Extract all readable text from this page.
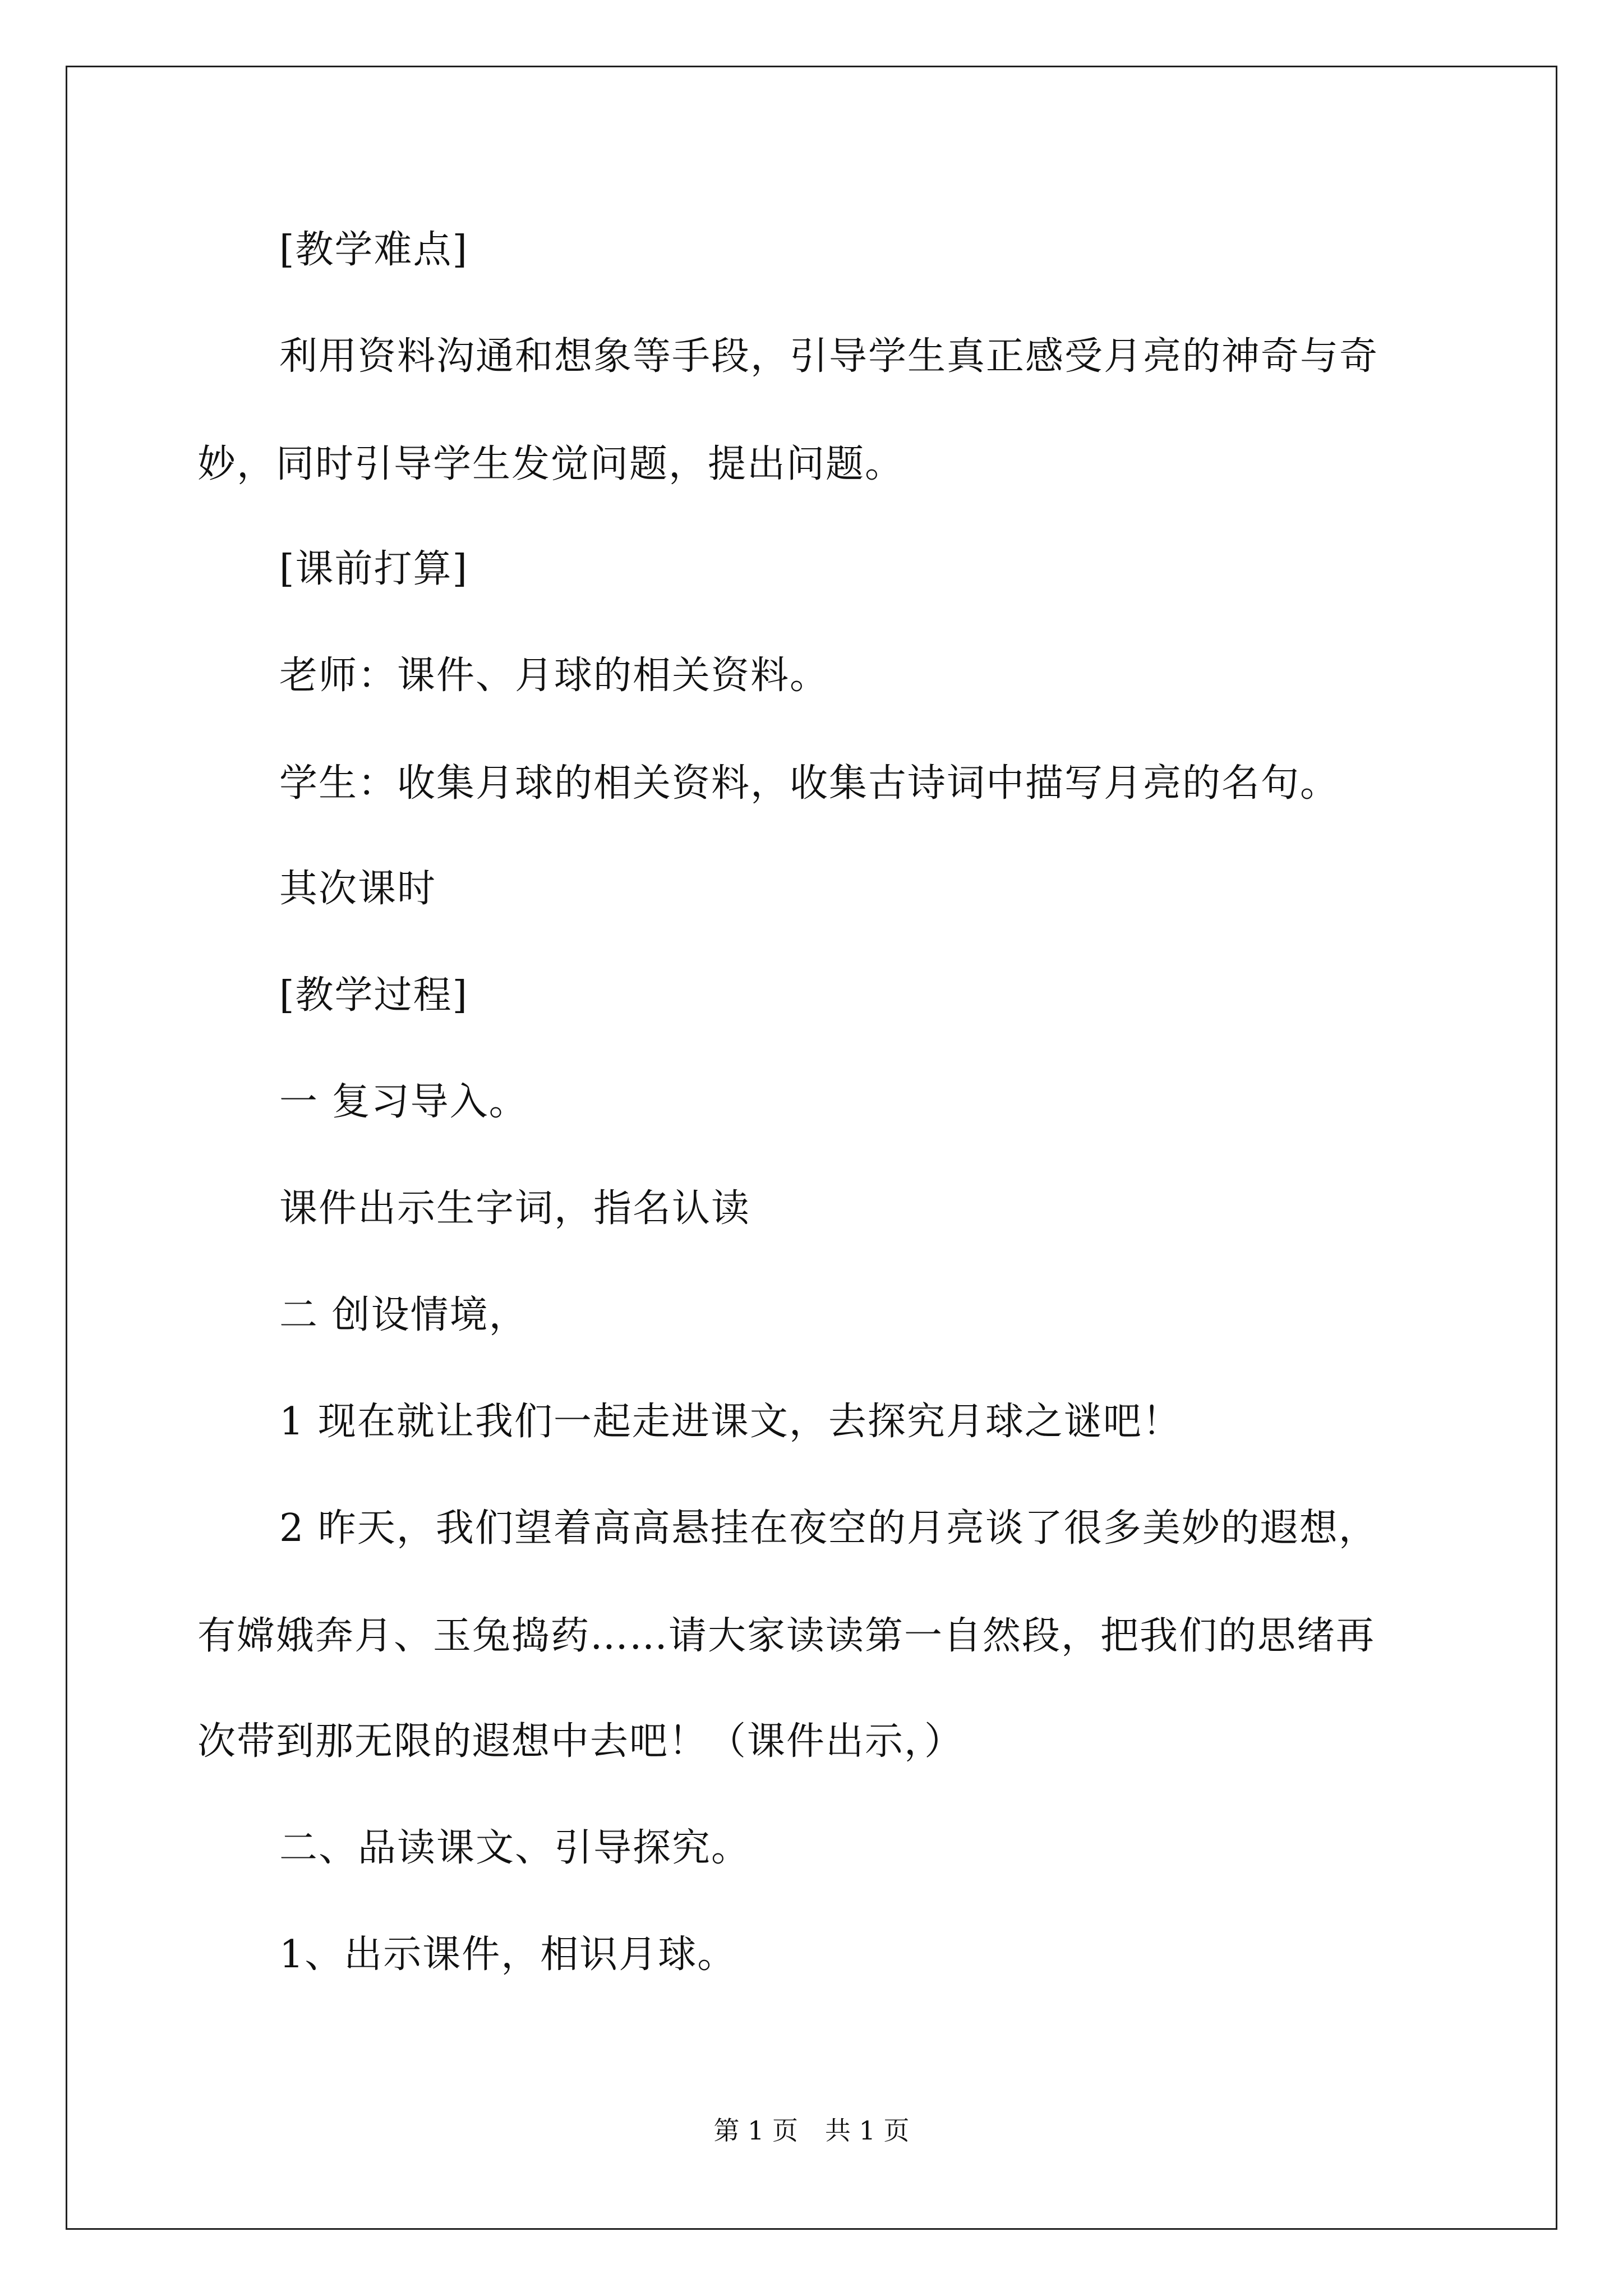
[教学难点]
利用资料沟通和想象等手段，引导学生真正感受月亮的神奇与奇
妙，同时引导学生发觉问题，提出问题。
[课前打算]
老师：课件、月球的相关资料。
学生：收集月球的相关资料，收集古诗词中描写月亮的名句。
其次课时
[教学过程]
一 复习导入。
课件出示生字词，指名认读
二 创设情境，
1 现在就让我们一起走进课文，去探究月球之谜吧！
2 昨天，我们望着高高悬挂在夜空的月亮谈了很多美妙的遐想，
有嫦娥奔月、玉兔捣药……请大家读读第一自然段，把我们的思绪再
次带到那无限的遐想中去吧！（课件出示，）
二、品读课文、引导探究。
1、出示课件，相识月球。
第 1 页 共 1 页
